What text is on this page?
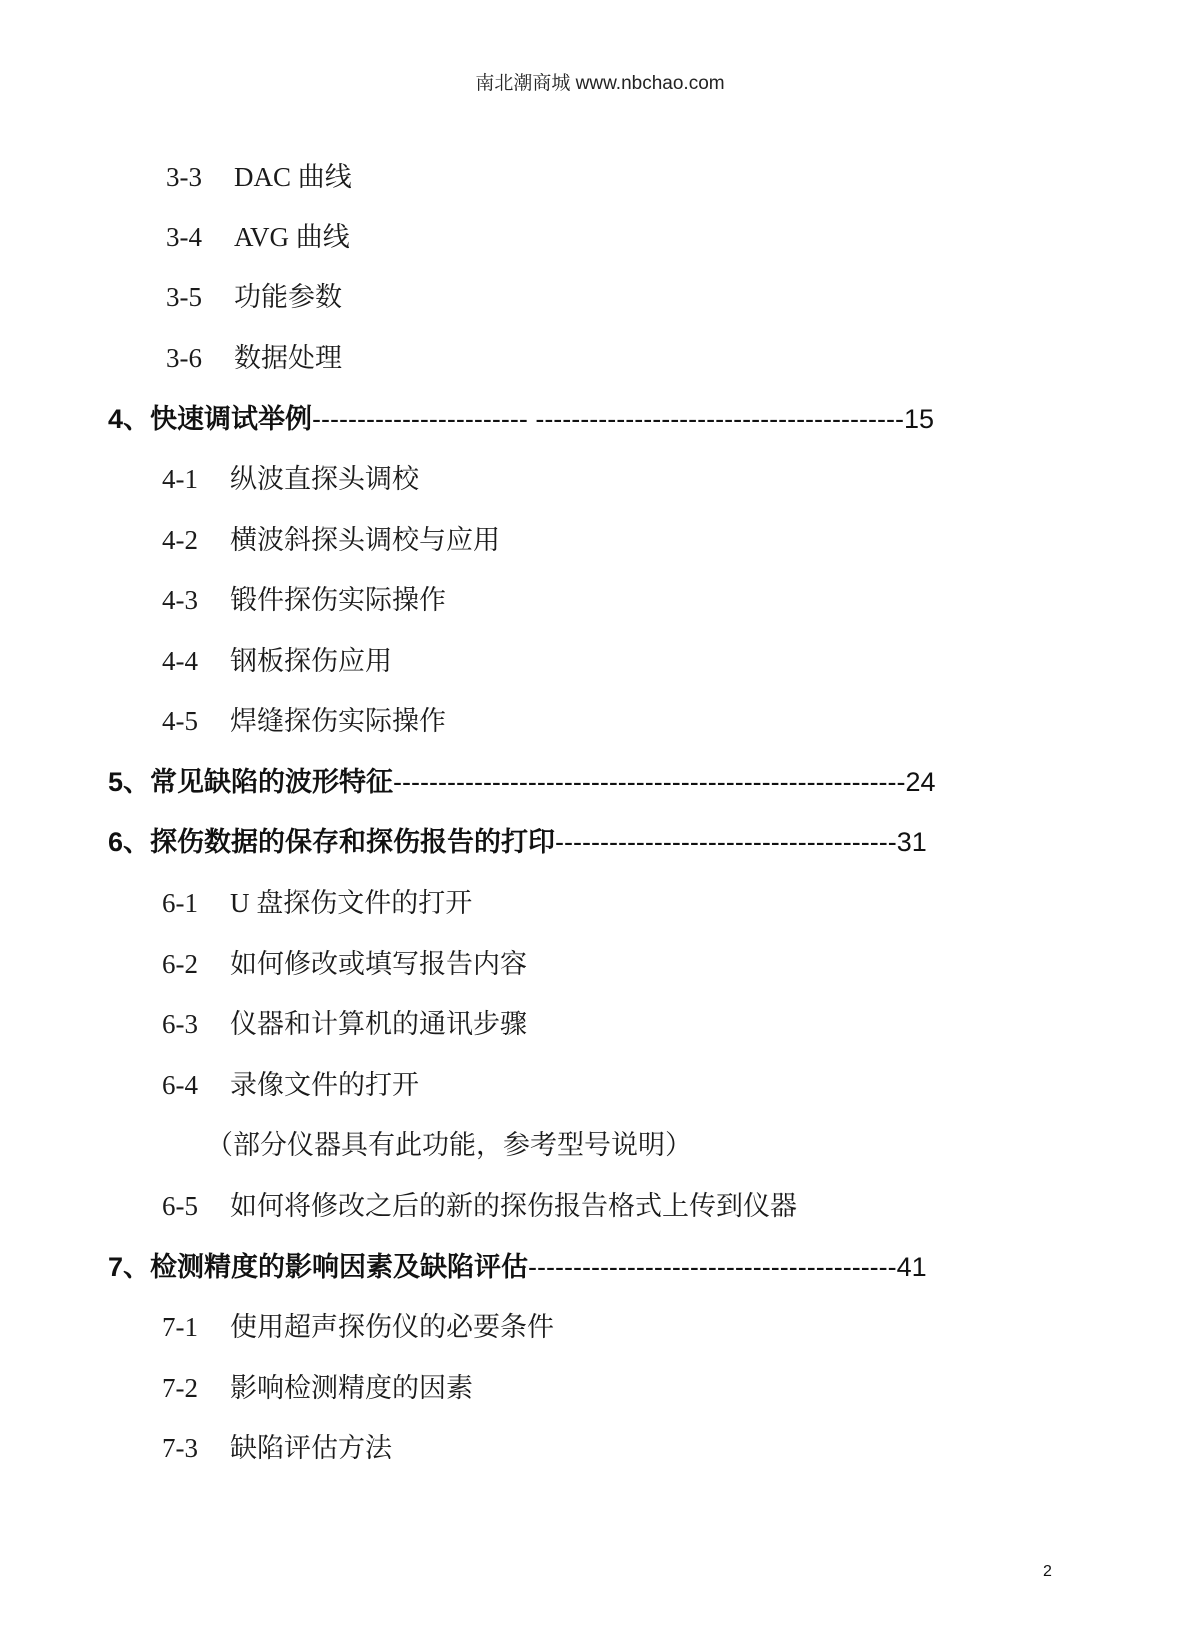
南北潮商城 www.nbchao.com
3-3 DAC 曲线
3-4 AVG 曲线
3-5 功能参数
3-6 数据处理
4、快速调试举例------------------------ -----------------------------------------15
4-1 纵波直探头调校
4-2 横波斜探头调校与应用
4-3 锻件探伤实际操作
4-4 钢板探伤应用
4-5 焊缝探伤实际操作
5、常见缺陷的波形特征---------------------------------------------------------24
6、探伤数据的保存和探伤报告的打印--------------------------------------31
6-1 U 盘探伤文件的打开
6-2 如何修改或填写报告内容
6-3 仪器和计算机的通讯步骤
6-4 录像文件的打开
（部分仪器具有此功能，参考型号说明）
6-5 如何将修改之后的新的探伤报告格式上传到仪器
7、检测精度的影响因素及缺陷评估-----------------------------------------41
7-1 使用超声探伤仪的必要条件
7-2 影响检测精度的因素
7-3 缺陷评估方法
2
